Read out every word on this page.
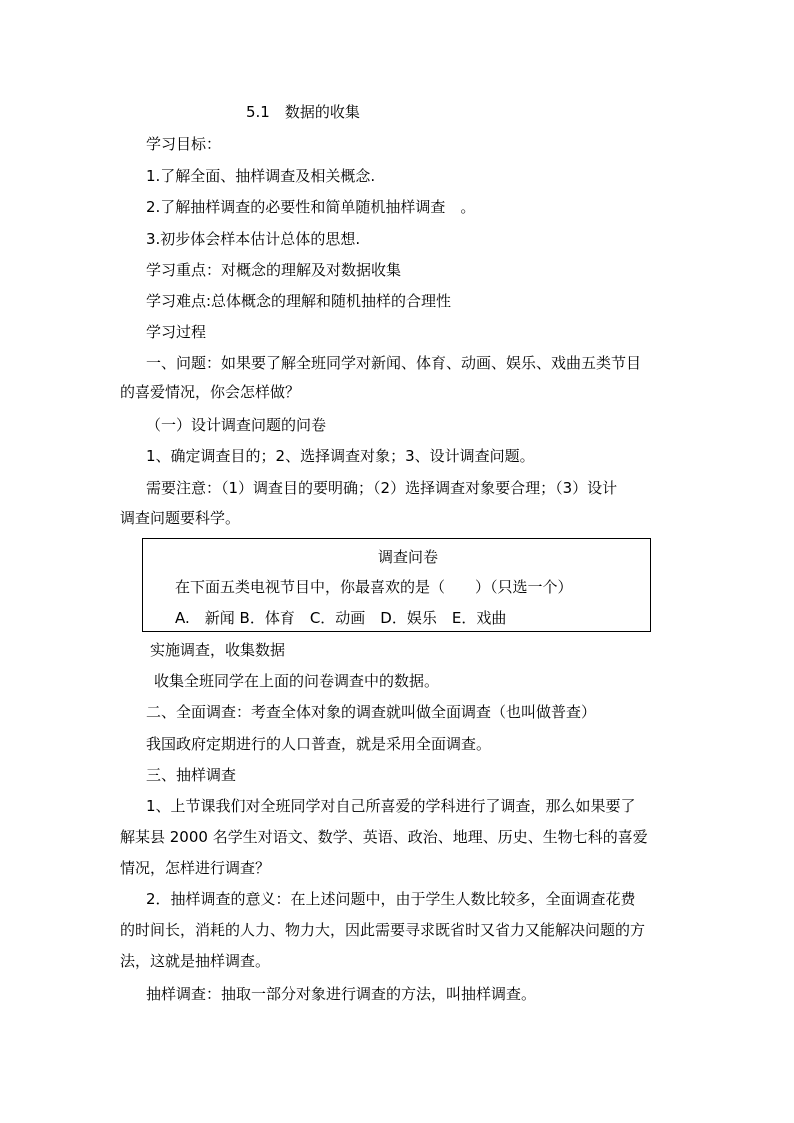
5.1　数据的收集
学习目标：
1.了解全面、抽样调查及相关概念.
2.了解抽样调查的必要性和简单随机抽样调查　。
3.初步体会样本估计总体的思想.
学习重点：对概念的理解及对数据收集
学习难点:总体概念的理解和随机抽样的合理性
学习过程
一、问题：如果要了解全班同学对新闻、体育、动画、娱乐、戏曲五类节目
的喜爱情况，你会怎样做？
（一）设计调查问题的问卷
1、确定调查目的；2、选择调查对象；3、设计调查问题。
需要注意：（1）调查目的要明确；（2）选择调查对象要合理；（3）设计
调查问题要科学。
调查问卷
在下面五类电视节目中，你最喜欢的是（　　）（只选一个）
A.　新闻 B．体育　C．动画　D．娱乐　E．戏曲
实施调查，收集数据
收集全班同学在上面的问卷调查中的数据。
二、全面调查：考查全体对象的调查就叫做全面调查（也叫做普查）
我国政府定期进行的人口普查，就是采用全面调查。
三、抽样调查
1、上节课我们对全班同学对自己所喜爱的学科进行了调查，那么如果要了
解某县 2000 名学生对语文、数学、英语、政治、地理、历史、生物七科的喜爱
情况，怎样进行调查？
2．抽样调查的意义：在上述问题中，由于学生人数比较多，全面调查花费
的时间长，消耗的人力、物力大，因此需要寻求既省时又省力又能解决问题的方
法，这就是抽样调查。
抽样调查：抽取一部分对象进行调查的方法，叫抽样调查。
